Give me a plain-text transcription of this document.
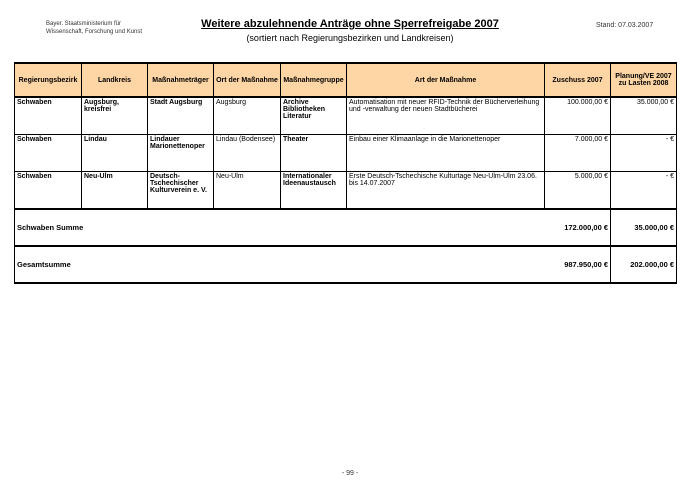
Bayer. Staatsministerium für
Wissenschaft, Forschung und Kunst
Weitere abzulehnende Anträge ohne Sperrefreigabe 2007
(sortiert nach Regierungsbezirken und Landkreisen)
Stand: 07.03.2007
Regierungsbezirk	Landkreis	Maßnahmeträger	Ort der Maßnahme	Maßnahmegruppe	Art der Maßnahme	Zuschuss 2007	Planung/VE 2007 zu Lasten 2008
Schwaben	Augsburg, kreisfrei	Stadt Augsburg	Augsburg	Archive Bibliotheken Literatur	Automatisation mit neuer RFID-Technik der Bücherverleihung und -verwaltung der neuen Stadtbücherei	100.000,00 €	35.000,00 €
Schwaben	Lindau	Lindauer Marionettenoper	Lindau (Bodensee)	Theater	Einbau einer Klimaanlage in die Marionettenoper	7.000,00 €	- €
Schwaben	Neu-Ulm	Deutsch-Tschechischer Kulturverein e. V.	Neu-Ulm	Internationaler Ideenaustausch	Erste Deutsch-Tschechische Kulturtage Neu-Ulm-Ulm 23.06. bis 14.07.2007	5.000,00 €	- €
Schwaben Summe						172.000,00 €	35.000,00 €
Gesamtsumme						987.950,00 €	202.000,00 €
- 99 -
